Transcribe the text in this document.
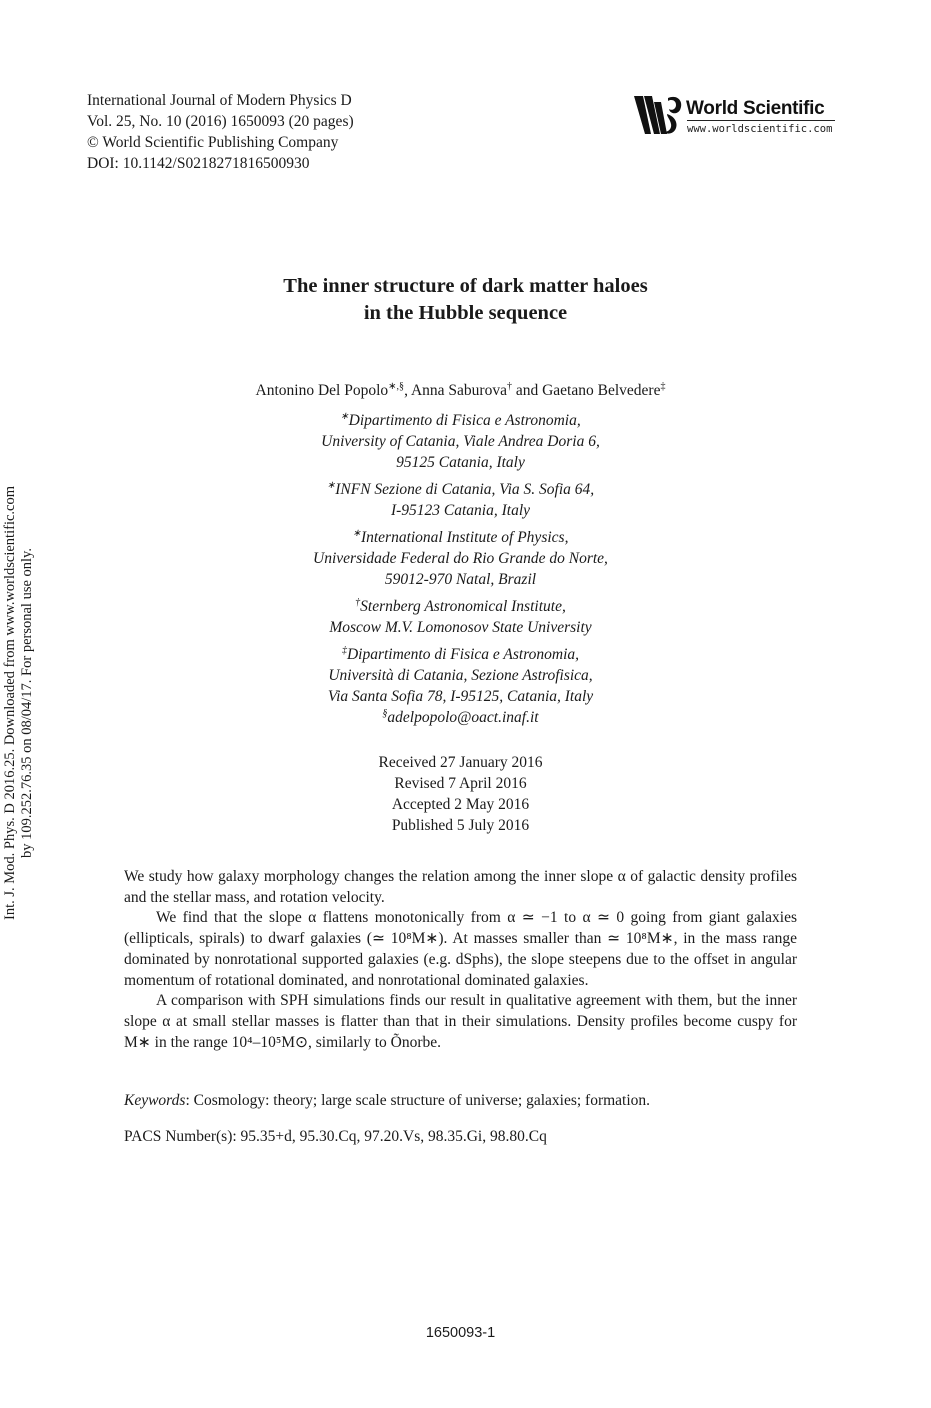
Int. J. Mod. Phys. D 2016.25. Downloaded from www.worldscientific.com by 109.252.76.35 on 08/04/17. For personal use only.
International Journal of Modern Physics D
Vol. 25, No. 10 (2016) 1650093 (20 pages)
© World Scientific Publishing Company
DOI: 10.1142/S0218271816500930
World Scientific
www.worldscientific.com
The inner structure of dark matter haloes
in the Hubble sequence
Antonino Del Popolo∗,§, Anna Saburova† and Gaetano Belvedere‡
∗Dipartimento di Fisica e Astronomia,
University of Catania, Viale Andrea Doria 6,
95125 Catania, Italy
∗INFN Sezione di Catania, Via S. Sofia 64,
I-95123 Catania, Italy
∗International Institute of Physics,
Universidade Federal do Rio Grande do Norte,
59012-970 Natal, Brazil
†Sternberg Astronomical Institute,
Moscow M.V. Lomonosov State University
‡Dipartimento di Fisica e Astronomia,
Università di Catania, Sezione Astrofisica,
Via Santa Sofia 78, I-95125, Catania, Italy
§adelpopolo@oact.inaf.it
Received 27 January 2016
Revised 7 April 2016
Accepted 2 May 2016
Published 5 July 2016

We study how galaxy morphology changes the relation among the inner slope α of galactic density profiles and the stellar mass, and rotation velocity.

We find that the slope α flattens monotonically from α ≃ −1 to α ≃ 0 going from giant galaxies (ellipticals, spirals) to dwarf galaxies (≃ 10⁸M∗). At masses smaller than ≃ 10⁸M∗, in the mass range dominated by nonrotational supported galaxies (e.g. dSphs), the slope steepens due to the offset in angular momentum of rotational dominated, and nonrotational dominated galaxies.

A comparison with SPH simulations finds our result in qualitative agreement with them, but the inner slope α at small stellar masses is flatter than that in their simulations. Density profiles become cuspy for M∗ in the range 10⁴–10⁵M⊙, similarly to Õnorbe.

Keywords: Cosmology: theory; large scale structure of universe; galaxies; formation.
PACS Number(s): 95.35+d, 95.30.Cq, 97.20.Vs, 98.35.Gi, 98.80.Cq
1650093-1
